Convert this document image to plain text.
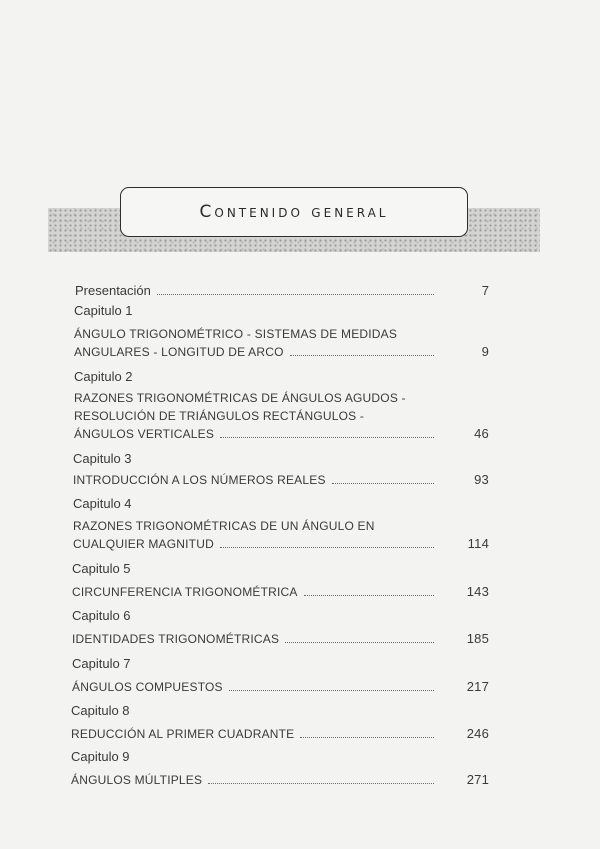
Contenido general
Presentación	7
Capitulo 1
ÁNGULO TRIGONOMÉTRICO - SISTEMAS DE MEDIDAS
ANGULARES - LONGITUD DE ARCO	9
Capitulo 2
RAZONES TRIGONOMÉTRICAS DE ÁNGULOS AGUDOS -
RESOLUCIÓN DE TRIÁNGULOS RECTÁNGULOS -
ÁNGULOS VERTICALES	46
Capitulo 3
INTRODUCCIÓN A LOS NÚMEROS REALES	93
Capitulo 4
RAZONES TRIGONOMÉTRICAS DE UN ÁNGULO EN
CUALQUIER MAGNITUD	114
Capitulo 5
CIRCUNFERENCIA TRIGONOMÉTRICA	143
Capitulo 6
IDENTIDADES TRIGONOMÉTRICAS	185
Capitulo 7
ÁNGULOS COMPUESTOS	217
Capitulo 8
REDUCCIÓN AL PRIMER CUADRANTE	246
Capitulo 9
ÁNGULOS MÚLTIPLES	271
